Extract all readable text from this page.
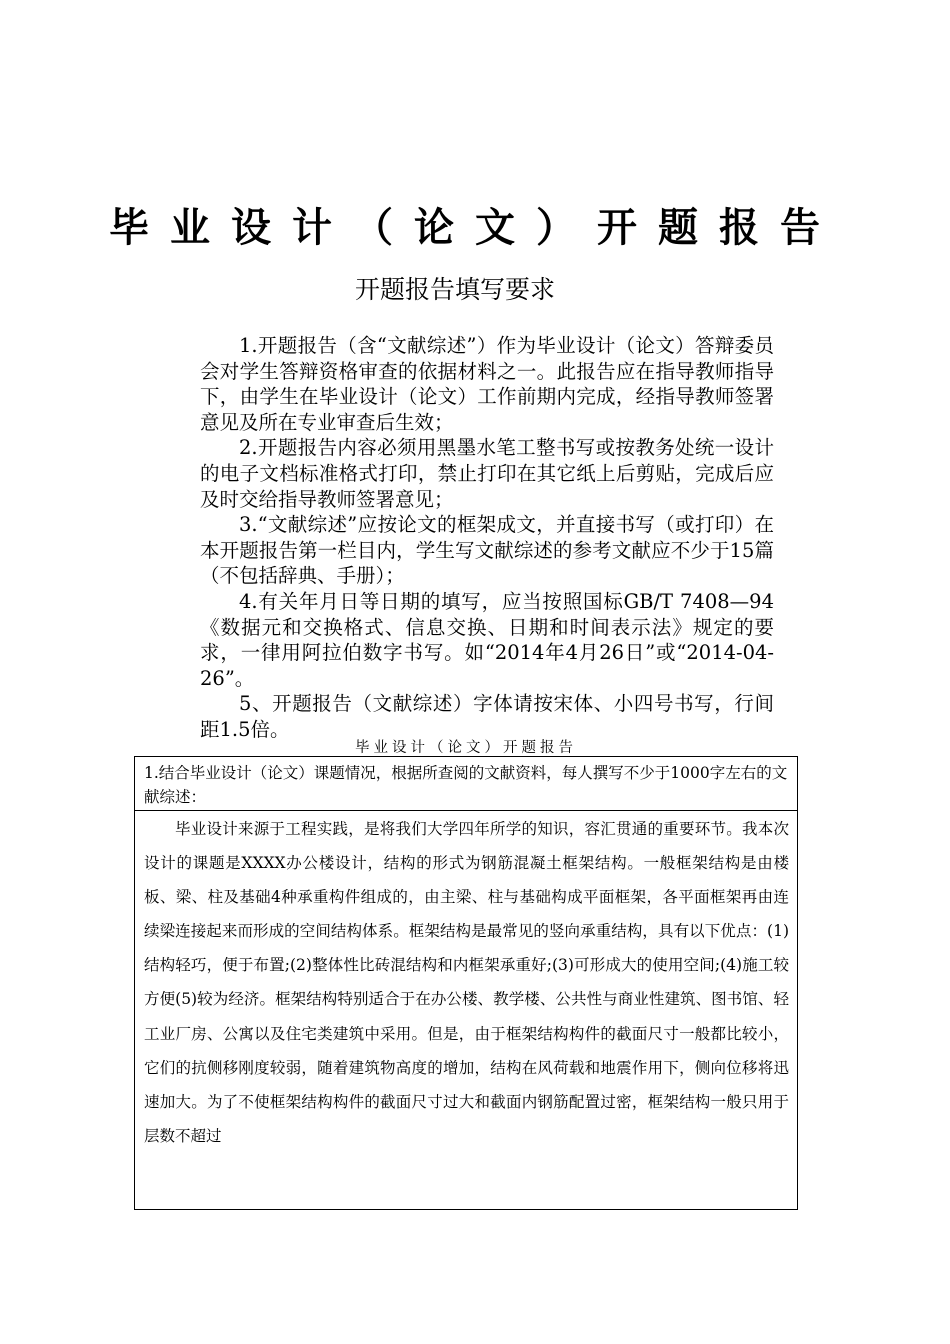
毕业设计（论文）开题报告
开题报告填写要求

1.开题报告（含“文献综述”）作为毕业设计（论文）答辩委员会对学生答辩资格审查的依据材料之一。此报告应在指导教师指导下，由学生在毕业设计（论文）工作前期内完成，经指导教师签署意见及所在专业审查后生效；

2.开题报告内容必须用黑墨水笔工整书写或按教务处统一设计的电子文档标准格式打印，禁止打印在其它纸上后剪贴，完成后应及时交给指导教师签署意见；

3.“文献综述”应按论文的框架成文，并直接书写（或打印）在本开题报告第一栏目内，学生写文献综述的参考文献应不少于15篇（不包括辞典、手册）；

4.有关年月日等日期的填写，应当按照国标GB/T 7408—94《数据元和交换格式、信息交换、日期和时间表示法》规定的要求，一律用阿拉伯数字书写。如“2014年4月26日”或“2014-04-26”。

5、开题报告（文献综述）字体请按宋体、小四号书写，行间距1.5倍。

毕业设计（论文）开题报告
1.结合毕业设计（论文）课题情况，根据所查阅的文献资料，每人撰写不少于1000字左右的文献综述：
毕业设计来源于工程实践，是将我们大学四年所学的知识，容汇贯通的重要环节。我本次设计的课题是XXXX办公楼设计，结构的形式为钢筋混凝土框架结构。一般框架结构是由楼板、梁、柱及基础4种承重构件组成的，由主梁、柱与基础构成平面框架，各平面框架再由连续梁连接起来而形成的空间结构体系。框架结构是最常见的竖向承重结构，具有以下优点：(1)结构轻巧，便于布置;(2)整体性比砖混结构和内框架承重好;(3)可形成大的使用空间;(4)施工较方便(5)较为经济。框架结构特别适合于在办公楼、教学楼、公共性与商业性建筑、图书馆、轻工业厂房、公寓以及住宅类建筑中采用。但是，由于框架结构构件的截面尺寸一般都比较小，它们的抗侧移刚度较弱，随着建筑物高度的增加，结构在风荷载和地震作用下，侧向位移将迅速加大。为了不使框架结构构件的截面尺寸过大和截面内钢筋配置过密，框架结构一般只用于层数不超过
